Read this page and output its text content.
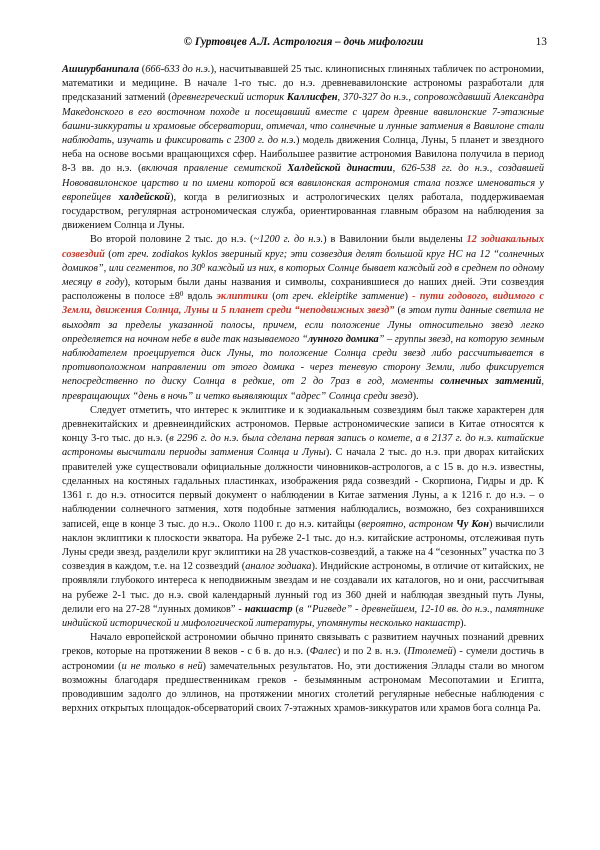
© Гуртовцев А.Л. Астрология – дочь мифологии	13

Ашшурбанипала (666-633 до н.э.), насчитывавшей 25 тыс. клинописных глиняных табличек по астрономии, математики и медицине. В начале 1-го тыс. до н.э. древневавилонские астрономы разработали для предсказаний затмений (древнегреческий историк Каллисфен, 370-327 до н.э., сопровождавший Александра Македонского в его восточном походе и посещавший вместе с царем древние вавилонские 7-этажные башни-зиккураты и храмовые обсерватории, отмечал, что солнечные и лунные затмения в Вавилоне стали наблюдать, изучать и фиксировать с 2300 г. до н.э.) модель движения Солнца, Луны, 5 планет и звездного неба на основе восьми вращающихся сфер. Наибольшее развитие астрономия Вавилона получила в период 8-3 вв. до н.э. (включая правление семитской Халдейской династии, 626-538 гг. до н.э., создавшей Нововавилонское царство и по имени которой вся вавилонская астрономия стала позже именоваться у европейцев халдейской), когда в религиозных и астрологических целях работала, поддерживаемая государством, регулярная астрономическая служба, ориентированная главным образом на наблюдения за движением Солнца и Луны.

Во второй половине 2 тыс. до н.э. (~1200 г. до н.э.) в Вавилонии были выделены 12 зодиакальных созвездий (от греч. zodiakos kyklos звериный круг; эти созвездия делят большой круг НС на 12 “солнечных домиков”, или сегментов, по $30^0$ каждый из них, в которых Солнце бывает каждый год в среднем по одному месяцу в году), которым были даны названия и символы, сохранившиеся до наших дней. Эти созвездия расположены в полосе $\pm 8^0$ вдоль эклиптики (от греч. ekleiptike затмение) - пути годового, видимого с Земли, движения Солнца, Луны и 5 планет среди “неподвижных звезд” (в этом пути данные светила не выходят за пределы указанной полосы, причем, если положение Луны относительно звезд легко определяется на ночном небе в виде так называемого “лунного домика” – группы звезд, на которую земным наблюдателем проецируется диск Луны, то положение Солнца среди звезд либо рассчитывается в противоположном направлении от этого домика - через теневую сторону Земли, либо фиксируется непосредственно по диску Солнца в редкие, от 2 до 7раз в год, моменты солнечных затмений, превращающих “день в ночь” и четко выявляющих “адрес” Солнца среди звезд).

Следует отметить, что интерес к эклиптике и к зодиакальным созвездиям был также характерен для древнекитайских и древнеиндийских астрономов. Первые астрономические записи в Китае относятся к концу 3-го тыс. до н.э. (в 2296 г. до н.э. была сделана первая запись о комете, а в 2137 г. до н.э. китайские астрономы высчитали периоды затмения Солнца и Луны). С начала 2 тыс. до н.э. при дворах китайских правителей уже существовали официальные должности чиновников-астрологов, а с 15 в. до н.э. известны, сделанных на костяных гадальных пластинках, изображения ряда созвездий - Скорпиона, Гидры и др. К 1361 г. до н.э. относится первый документ о наблюдении в Китае затмения Луны, а к 1216 г. до н.э. – о наблюдении солнечного затмения, хотя подобные затмения наблюдались, возможно, без сохранившихся записей, еще в конце 3 тыс. до н.э.. Около 1100 г. до н.э. китайцы (вероятно, астроном Чу Кон) вычислили наклон эклиптики к плоскости экватора. На рубеже 2-1 тыс. до н.э. китайские астрономы, отслеживая путь Луны среди звезд, разделили круг эклиптики на 28 участков-созвездий, а также на 4 “сезонных” участка по 3 созвездия в каждом, т.е. на 12 созвездий (аналог зодиака). Индийские астрономы, в отличие от китайских, не проявляли глубокого интереса к неподвижным звездам и не создавали их каталогов, но и они, рассчитывая на рубеже 2-1 тыс. до н.э. свой календарный лунный год из 360 дней и наблюдая звездный путь Луны, делили его на 27-28 “лунных домиков” - накшастр (в “Ригведе” - древнейшем, 12-10 вв. до н.э., памятнике индийской исторической и мифологической литературы, упомянуты несколько накшастр).

Начало европейской астрономии обычно принято связывать с развитием научных познаний древних греков, которые на протяжении 8 веков - с 6 в. до н.э. (Фалес) и по 2 в. н.э. (Птолемей) - сумели достичь в астрономии (и не только в ней) замечательных результатов. Но, эти достижения Эллады стали во многом возможны благодаря предшественникам греков - безымянным астрономам Месопотамии и Египта, проводившим задолго до эллинов, на протяжении многих столетий регулярные небесные наблюдения с верхних открытых площадок-обсерваторий своих 7-этажных храмов-зиккуратов или храмов бога солнца Ра.
